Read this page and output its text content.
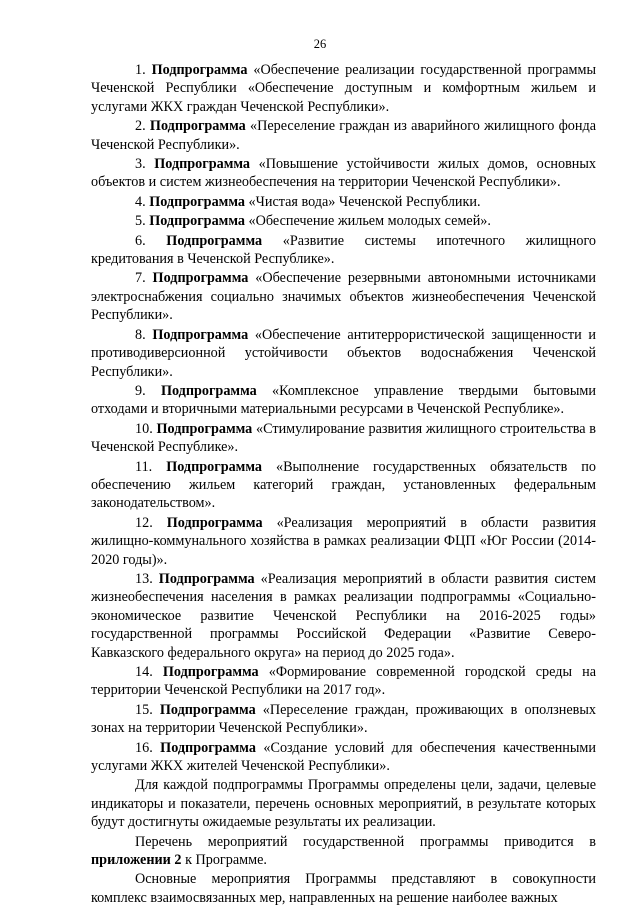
26

1. Подпрограмма «Обеспечение реализации государственной программы Чеченской Республики «Обеспечение доступным и комфортным жильем и услугами ЖКХ граждан Чеченской Республики».

2. Подпрограмма «Переселение граждан из аварийного жилищного фонда Чеченской Республики».

3. Подпрограмма «Повышение устойчивости жилых домов, основных объектов и систем жизнеобеспечения на территории Чеченской Республики».

4. Подпрограмма «Чистая вода» Чеченской Республики.

5. Подпрограмма «Обеспечение жильем молодых семей».

6. Подпрограмма «Развитие системы ипотечного жилищного кредитования в Чеченской Республике».

7. Подпрограмма «Обеспечение резервными автономными источниками электроснабжения социально значимых объектов жизнеобеспечения Чеченской Республики».

8. Подпрограмма «Обеспечение антитеррористической защищенности и противодиверсионной устойчивости объектов водоснабжения Чеченской Республики».

9. Подпрограмма «Комплексное управление твердыми бытовыми отходами и вторичными материальными ресурсами в Чеченской Республике».

10. Подпрограмма «Стимулирование развития жилищного строительства в Чеченской Республике».

11. Подпрограмма «Выполнение государственных обязательств по обеспечению жильем категорий граждан, установленных федеральным законодательством».

12. Подпрограмма «Реализация мероприятий в области развития жилищно-коммунального хозяйства в рамках реализации ФЦП «Юг России (2014-2020 годы)».

13. Подпрограмма «Реализация мероприятий в области развития систем жизнеобеспечения населения в рамках реализации подпрограммы «Социально-экономическое развитие Чеченской Республики на 2016-2025 годы» государственной программы Российской Федерации «Развитие Северо-Кавказского федерального округа» на период до 2025 года».

14. Подпрограмма «Формирование современной городской среды на территории Чеченской Республики на 2017 год».

15. Подпрограмма «Переселение граждан, проживающих в оползневых зонах на территории Чеченской Республики».

16. Подпрограмма «Создание условий для обеспечения качественными услугами ЖКХ жителей Чеченской Республики».

Для каждой подпрограммы Программы определены цели, задачи, целевые индикаторы и показатели, перечень основных мероприятий, в результате которых будут достигнуты ожидаемые результаты их реализации.

Перечень мероприятий государственной программы приводится в приложении 2 к Программе.

Основные мероприятия Программы представляют в совокупности комплекс взаимосвязанных мер, направленных на решение наиболее важных
